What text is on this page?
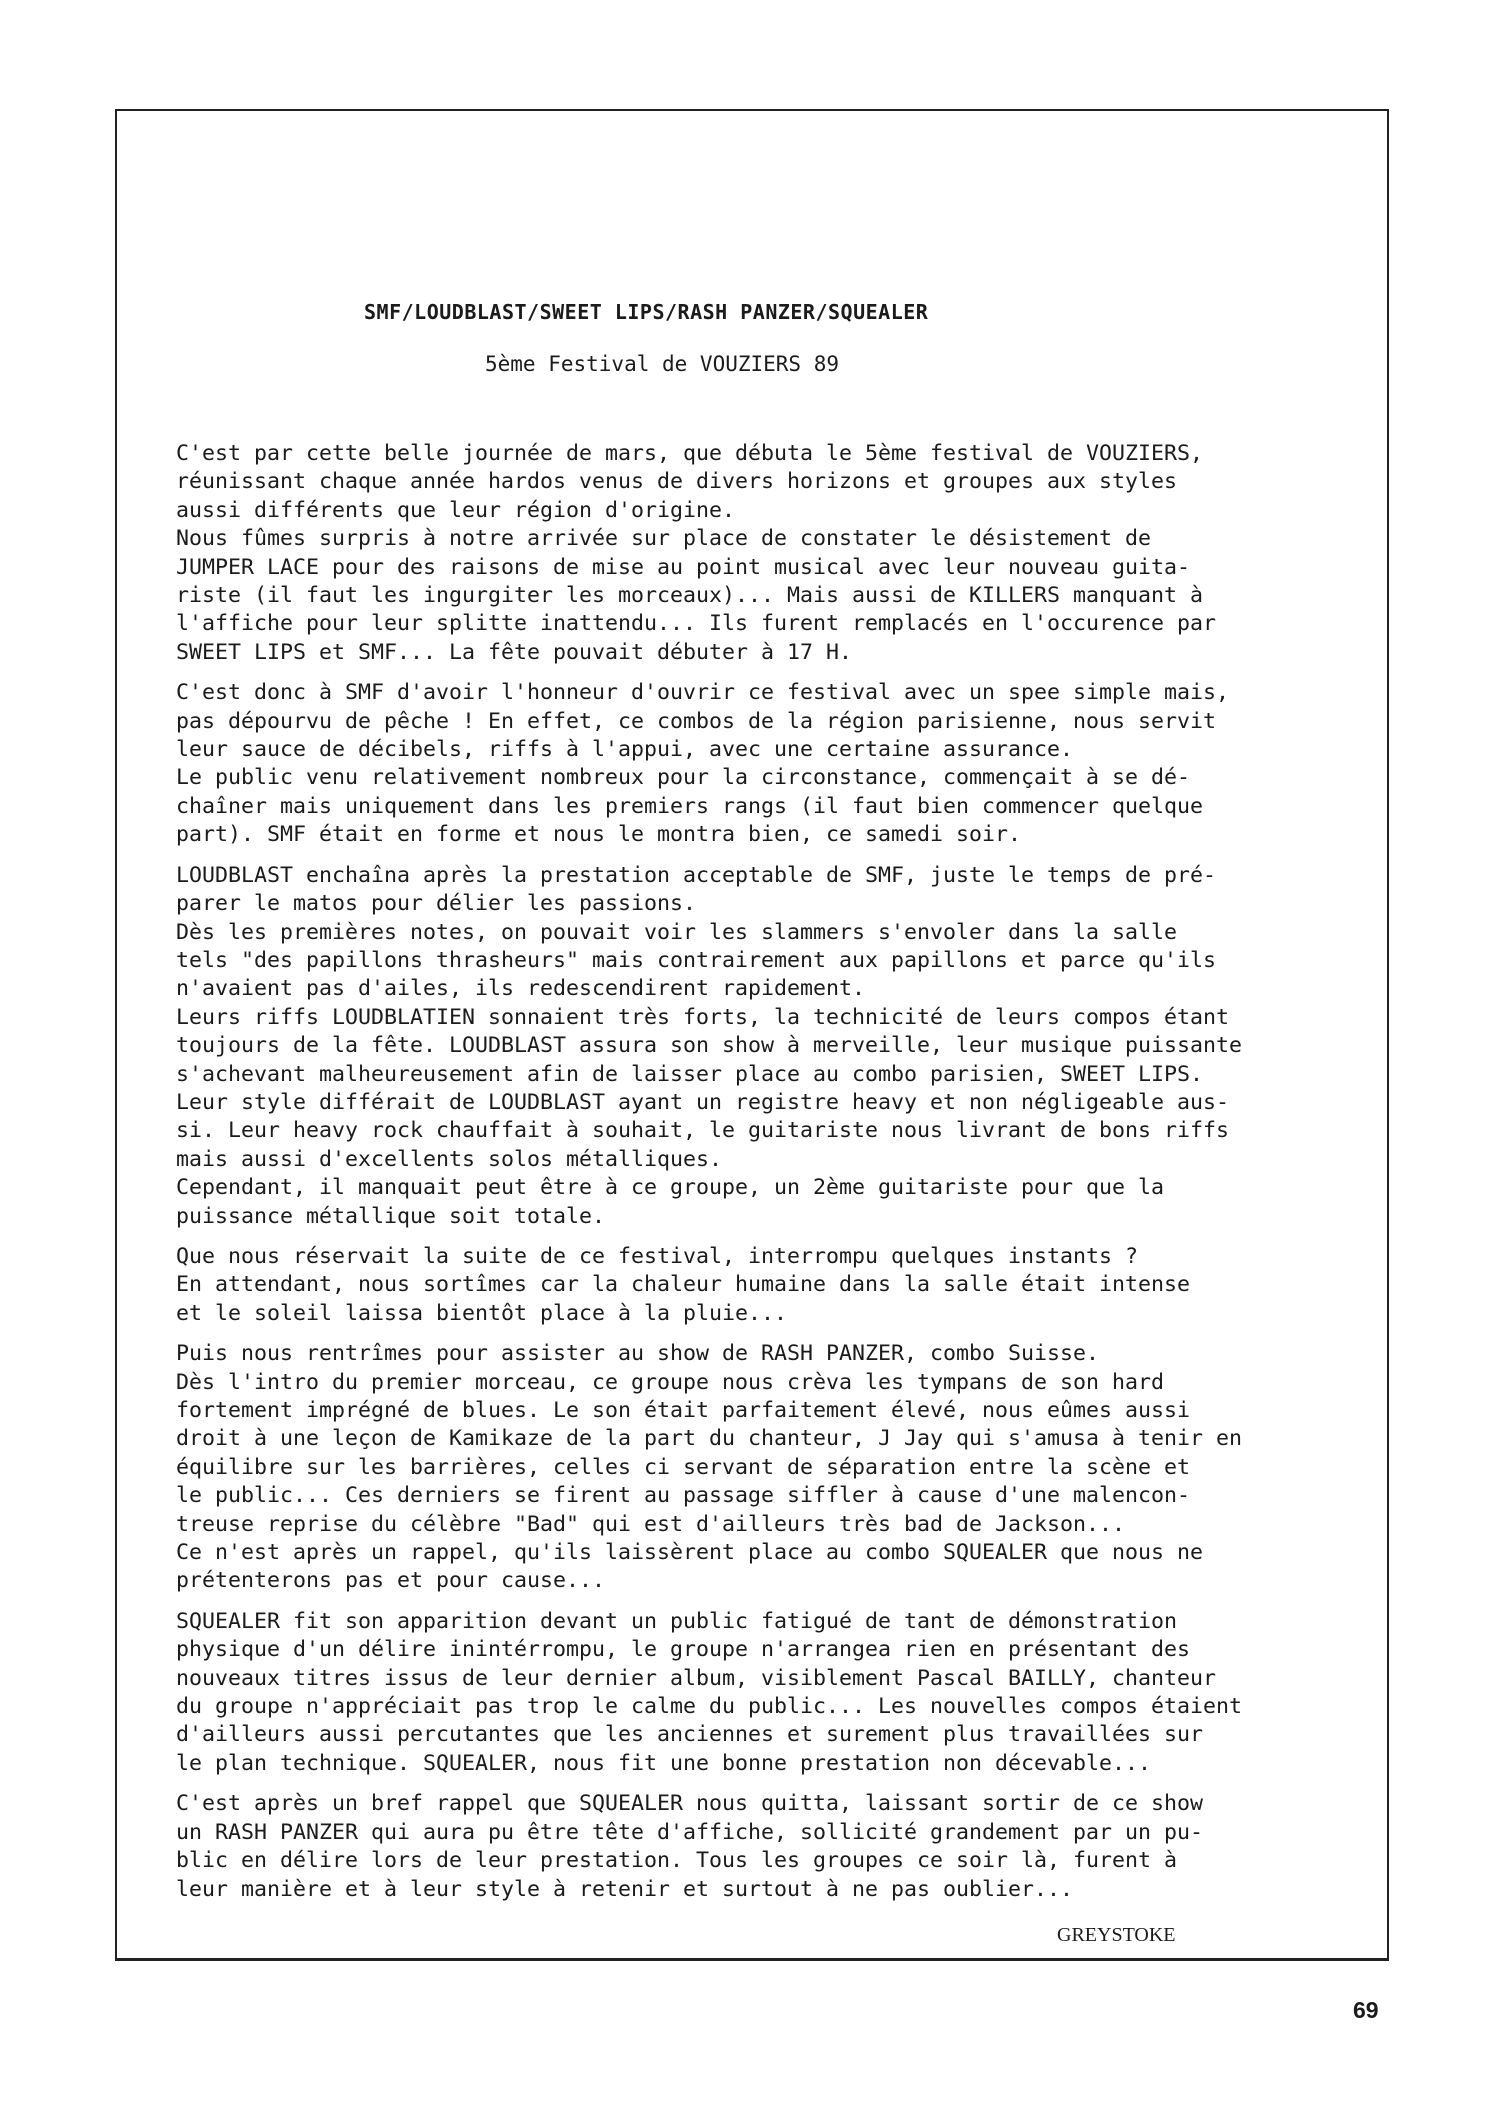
SMF/LOUDBLAST/SWEET LIPS/RASH PANZER/SQUEALER
5ème Festival de VOUZIERS 89
C'est par cette belle journée de mars, que débuta le 5ème festival de VOUZIERS,
réunissant chaque année hardos venus de divers horizons et groupes aux styles
aussi différents que leur région d'origine.
Nous fûmes surpris à notre arrivée sur place de constater le désistement de
JUMPER LACE pour des raisons de mise au point musical avec leur nouveau guita-
riste (il faut les ingurgiter les morceaux)... Mais aussi de KILLERS manquant à
l'affiche pour leur splitte inattendu... Ils furent remplacés en l'occurence par
SWEET LIPS et SMF... La fête pouvait débuter à 17 H.
C'est donc à SMF d'avoir l'honneur d'ouvrir ce festival avec un spee simple mais,
pas dépourvu de pêche ! En effet, ce combos de la région parisienne, nous servit
leur sauce de décibels, riffs à l'appui, avec une certaine assurance.
Le public venu relativement nombreux pour la circonstance, commençait à se dé-
chaîner mais uniquement dans les premiers rangs (il faut bien commencer quelque
part). SMF était en forme et nous le montra bien, ce samedi soir.
LOUDBLAST enchaîna après la prestation acceptable de SMF, juste le temps de pré-
parer le matos pour délier les passions.
Dès les premières notes, on pouvait voir les slammers s'envoler dans la salle
tels "des papillons thrasheurs" mais contrairement aux papillons et parce qu'ils
n'avaient pas d'ailes, ils redescendirent rapidement.
Leurs riffs LOUDBLATIEN sonnaient très forts, la technicité de leurs compos étant
toujours de la fête. LOUDBLAST assura son show à merveille, leur musique puissante
s'achevant malheureusement afin de laisser place au combo parisien, SWEET LIPS.
Leur style différait de LOUDBLAST ayant un registre heavy et non négligeable aus-
si. Leur heavy rock chauffait à souhait, le guitariste nous livrant de bons riffs
mais aussi d'excellents solos métalliques.
Cependant, il manquait peut être à ce groupe, un 2ème guitariste pour que la
puissance métallique soit totale.
Que nous réservait la suite de ce festival, interrompu quelques instants ?
En attendant, nous sortîmes car la chaleur humaine dans la salle était intense
et le soleil laissa bientôt place à la pluie...
Puis nous rentrîmes pour assister au show de RASH PANZER, combo Suisse.
Dès l'intro du premier morceau, ce groupe nous crèva les tympans de son hard
fortement imprégné de blues. Le son était parfaitement élevé, nous eûmes aussi
droit à une leçon de Kamikaze de la part du chanteur, J Jay qui s'amusa à tenir en
équilibre sur les barrières, celles ci servant de séparation entre la scène et
le public... Ces derniers se firent au passage siffler à cause d'une malencon-
treuse reprise du célèbre "Bad" qui est d'ailleurs très bad de Jackson...
Ce n'est après un rappel, qu'ils laissèrent place au combo SQUEALER que nous ne
prétenterons pas et pour cause...
SQUEALER fit son apparition devant un public fatigué de tant de démonstration
physique d'un délire inintérrompu, le groupe n'arrangea rien en présentant des
nouveaux titres issus de leur dernier album, visiblement Pascal BAILLY, chanteur
du groupe n'appréciait pas trop le calme du public... Les nouvelles compos étaient
d'ailleurs aussi percutantes que les anciennes et surement plus travaillées sur
le plan technique. SQUEALER, nous fit une bonne prestation non décevable...
C'est après un bref rappel que SQUEALER nous quitta, laissant sortir de ce show
un RASH PANZER qui aura pu être tête d'affiche, sollicité grandement par un pu-
blic en délire lors de leur prestation. Tous les groupes ce soir là, furent à
leur manière et à leur style à retenir et surtout à ne pas oublier...
GREYSTOKE
69
